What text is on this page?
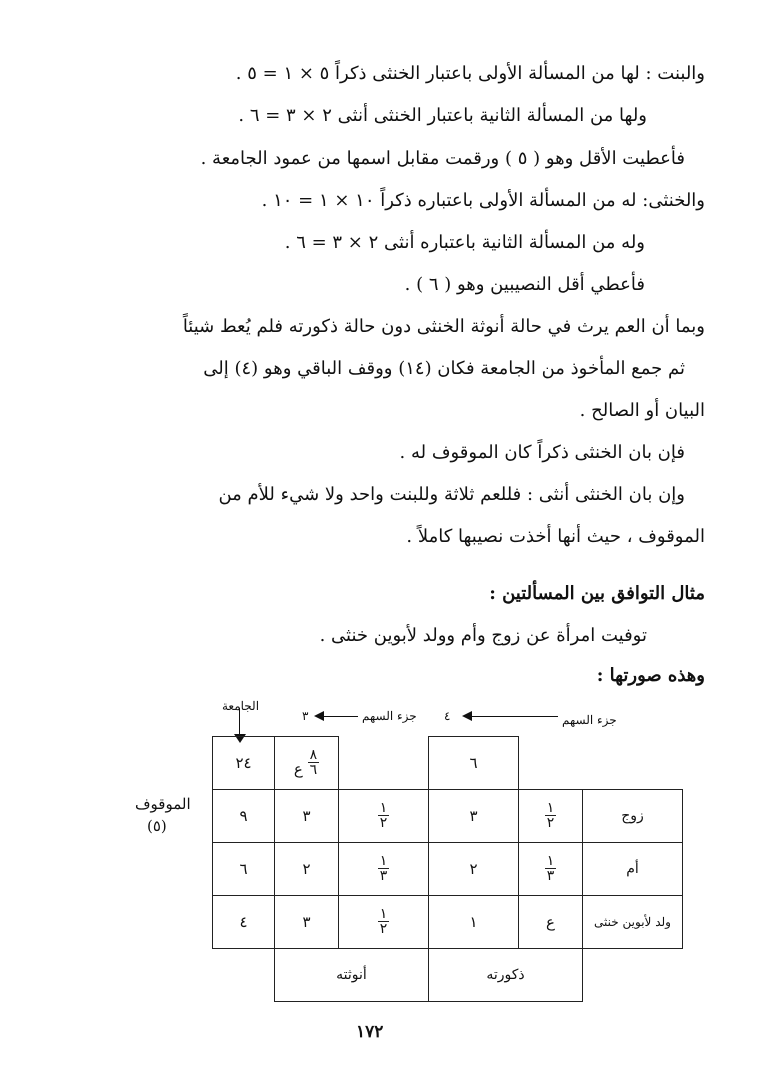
والبنت : لها من المسألة الأولى باعتبار الخنثى ذكراً ٥ × ١ = ٥ .
ولها من المسألة الثانية باعتبار الخنثى أنثى ٢ × ٣ = ٦ .
فأعطيت الأقل وهو ( ٥ ) ورقمت مقابل اسمها من عمود الجامعة .
والخنثى: له من المسألة الأولى باعتباره ذكراً ١٠ × ١ = ١٠ .
وله من المسألة الثانية باعتباره أنثى ٢ × ٣ = ٦ .
فأعطي أقل النصيبين وهو ( ٦ ) .
وبما أن العم يرث في حالة أنوثة الخنثى دون حالة ذكورته فلم يُعط شيئاً
ثم جمع المأخوذ من الجامعة فكان (١٤) ووقف الباقي وهو (٤) إلى
البيان أو الصالح .
فإن بان الخنثى ذكراً كان الموقوف له .
وإن بان الخنثى أنثى : فللعم ثلاثة وللبنت واحد ولا شيء للأم من
الموقوف ، حيث أنها أخذت نصيبها كاملاً .
مثال التوافق بين المسألتين :
توفيت امرأة عن زوج وأم وولد لأبوين خنثى .
وهذه صورتها :
الجامعة
٣	جزء السهم ٤	جزء السهم
الموقوف
(٥)
٢٤	ع $\frac{٨}{٦}$		٦		
٩	٣	$\frac{١}{٢}$	٣	$\frac{١}{٢}$	زوج
٦	٢	$\frac{١}{٣}$	٢	$\frac{١}{٣}$	أم
٤	٣	$\frac{١}{٢}$	١	ع	ولد لأبوين خنثى
	أنوثته		ذكورته		
١٧٢
